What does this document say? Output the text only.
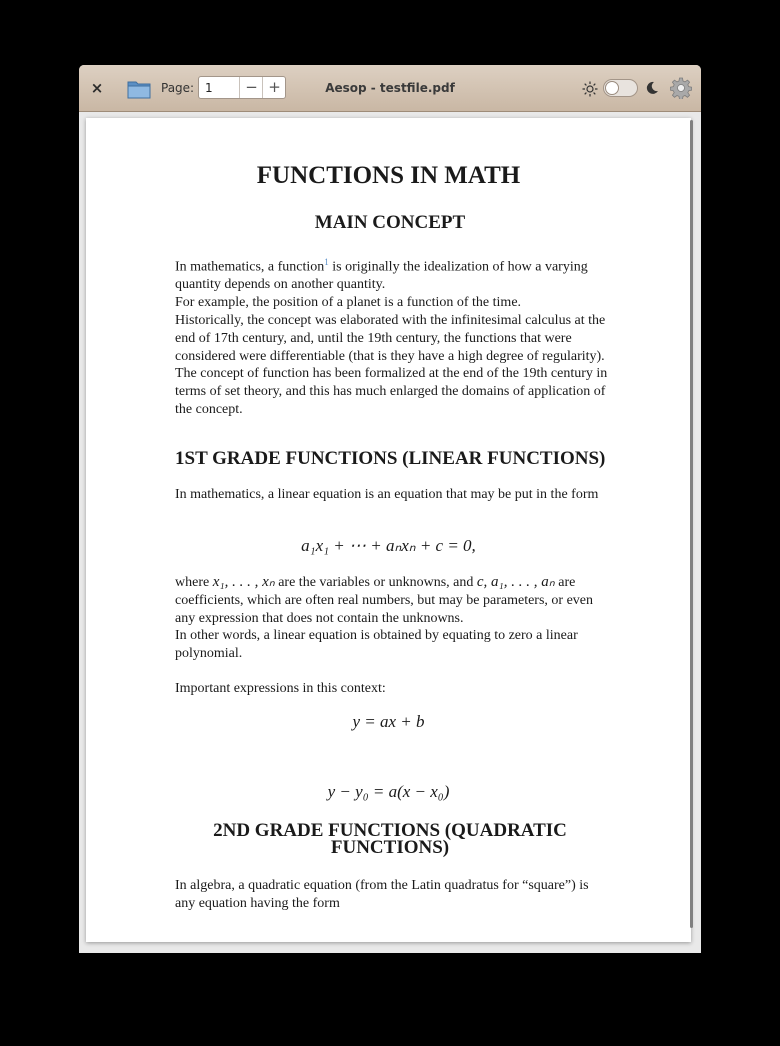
×	Page:
1	− +	Aesop - testfile.pdf
FUNCTIONS IN MATH
MAIN CONCEPT

In mathematics, a function$^1$ is originally the idealization of how a varying quantity depends on another quantity.

For example, the position of a planet is a function of the time.

Historically, the concept was elaborated with the infinitesimal calculus at the end of 17th century, and, until the 19th century, the functions that were considered were differentiable (that is they have a high degree of regularity).

The concept of function has been formalized at the end of the 19th century in terms of set theory, and this has much enlarged the domains of application of the concept.

1ST GRADE FUNCTIONS (LINEAR FUNCTIONS)
In mathematics, a linear equation is an equation that may be put in the form
a₁x₁ + ⋯ + aₙxₙ + c = 0,

where x₁, . . . , xₙ are the variables or unknowns, and c, a₁, . . . , aₙ are coefficients, which are often real numbers, but may be parameters, or even any expression that does not contain the unknowns.

In other words, a linear equation is obtained by equating to zero a linear polynomial.

Important expressions in this context:
y = ax + b
y − y₀ = a(x − x₀)
2ND GRADE FUNCTIONS (QUADRATIC FUNCTIONS)
In algebra, a quadratic equation (from the Latin quadratus for “square”) is any equation having the form
